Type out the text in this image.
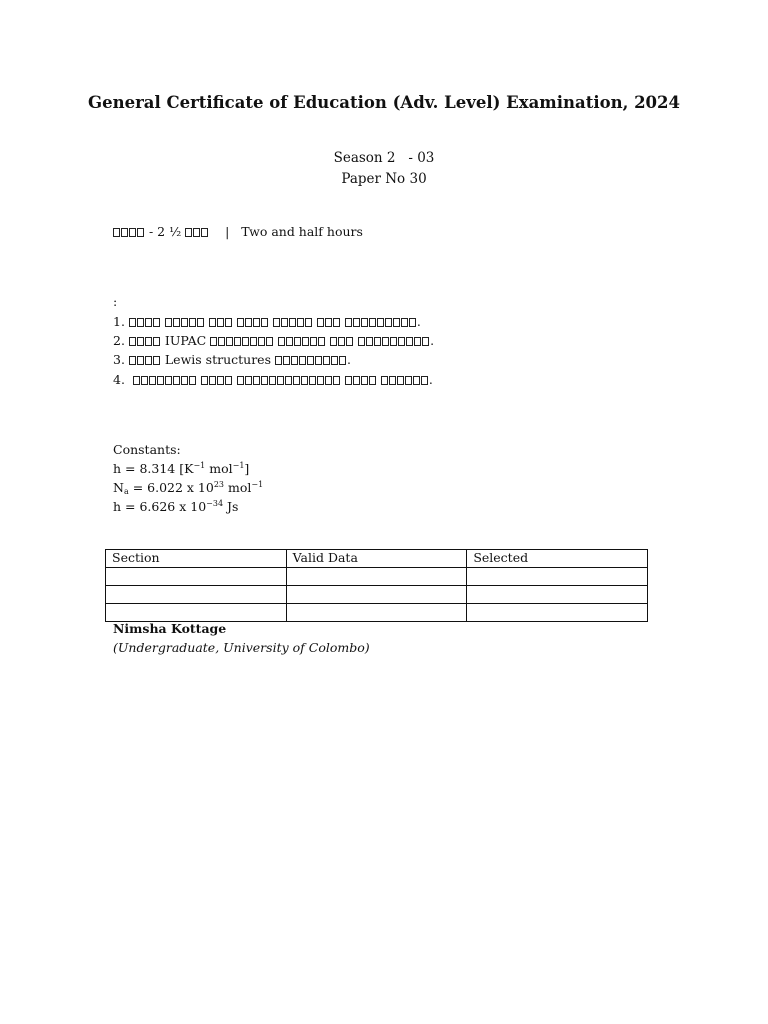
General Certificate of Education (Adv. Level) Examination, 2024
Season 2   - 03
Paper No 30
- 2 ½	| Two and half hours
:
1.	.
2.	IUPAC	.
3.	Lewis structures	.
4.	.
Constants:
h = 8.314 [$K^{-1}$ mol$^{-1}$]
$N_a = 6.022$ x $10^{23}$ mol$^{-1}$
h = 6.626 x $10^{-34}$ Js
Section	Valid Data	Selected

Nimsha Kottage
(Undergraduate, University of Colombo)
